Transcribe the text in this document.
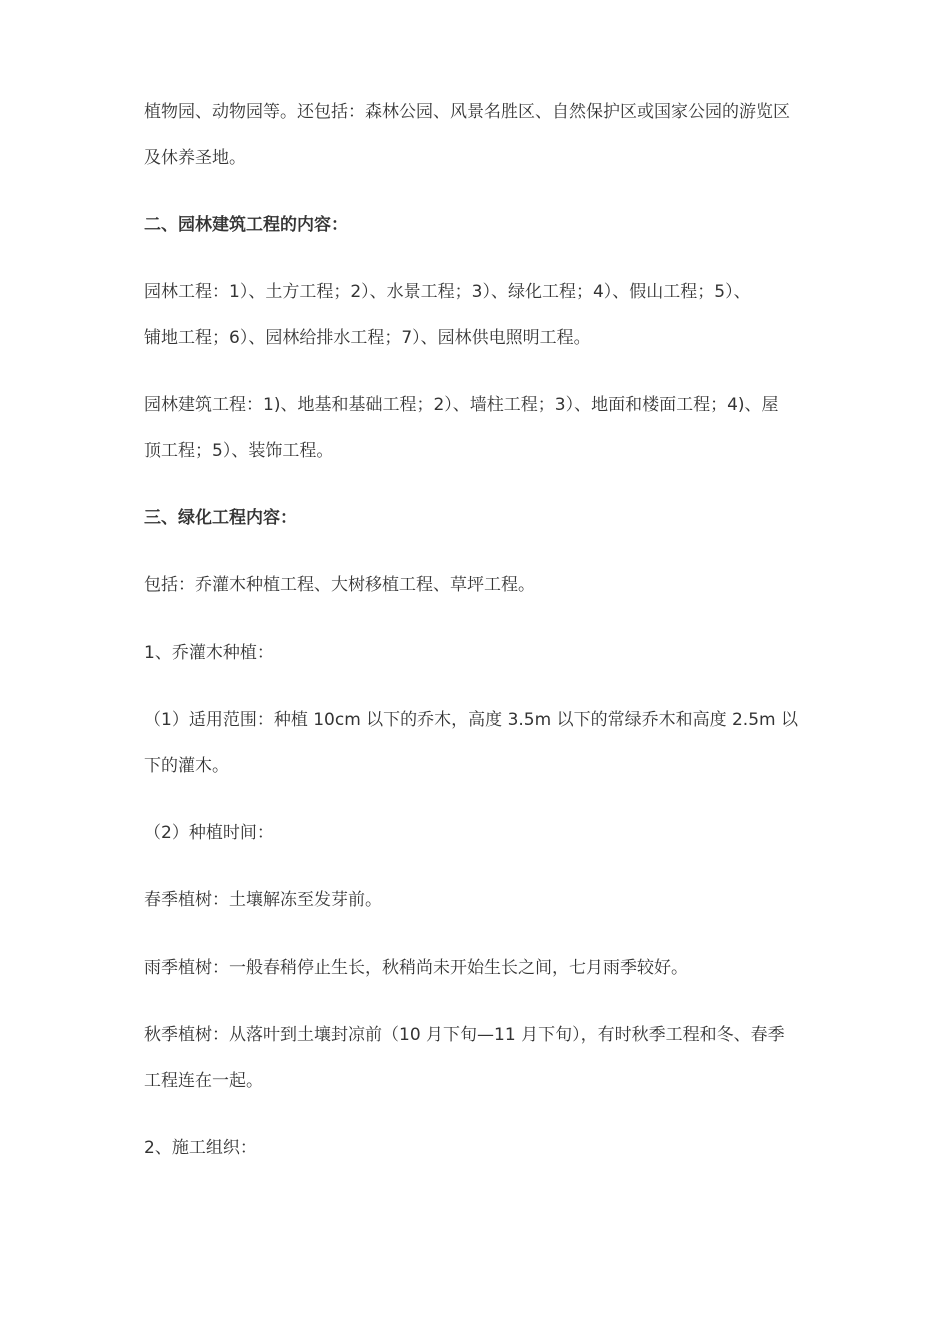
植物园、动物园等。还包括：森林公园、风景名胜区、自然保护区或国家公园的游览区
及休养圣地。
二、园林建筑工程的内容：
园林工程：1）、土方工程；2）、水景工程；3）、绿化工程；4）、假山工程；5）、
铺地工程；6）、园林给排水工程；7）、园林供电照明工程。
园林建筑工程：1)、地基和基础工程；2）、墙柱工程；3）、地面和楼面工程；4)、屋
顶工程；5）、装饰工程。
三、绿化工程内容：
包括：乔灌木种植工程、大树移植工程、草坪工程。
1、乔灌木种植：
（1）适用范围：种植 10cm 以下的乔木，高度 3.5m 以下的常绿乔木和高度 2.5m 以
下的灌木。
（2）种植时间：
春季植树：土壤解冻至发芽前。
雨季植树：一般春稍停止生长，秋稍尚未开始生长之间，七月雨季较好。
秋季植树：从落叶到土壤封凉前（10 月下旬—11 月下旬），有时秋季工程和冬、春季
工程连在一起。
2、施工组织：
